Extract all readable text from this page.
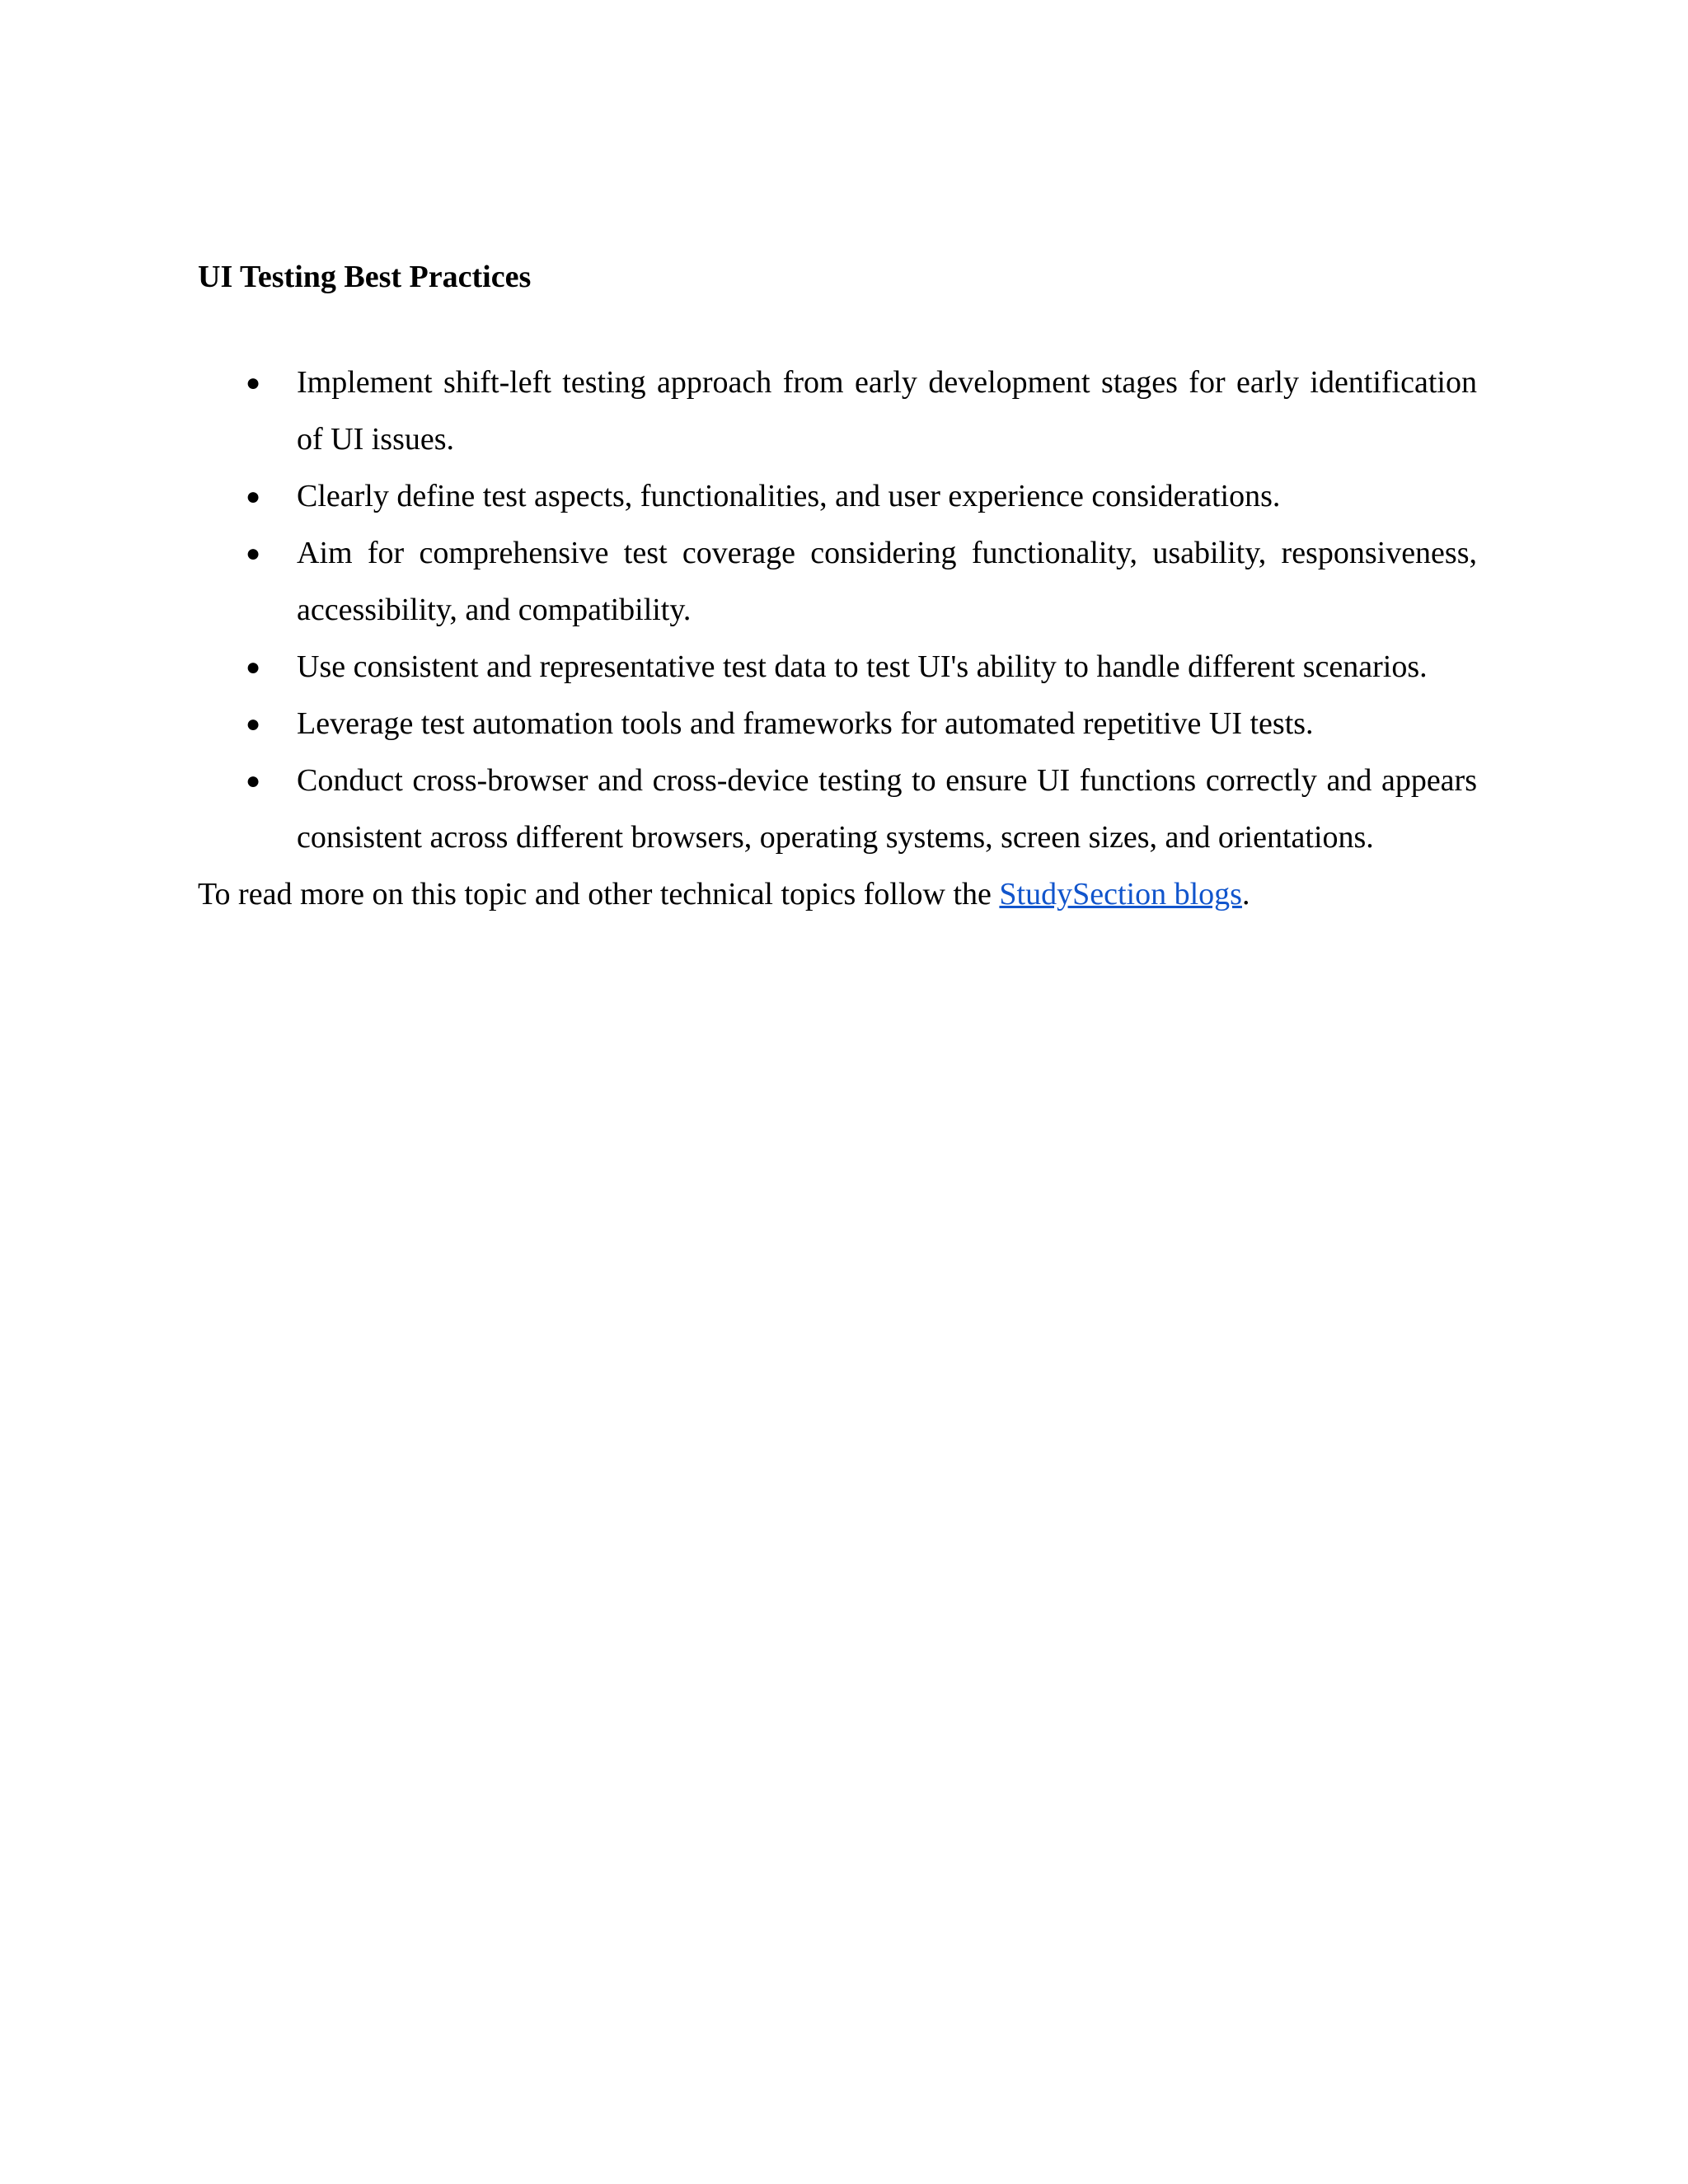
UI Testing Best Practices
● Implement shift-left testing approach from early development stages for early identification of UI issues.
● Clearly define test aspects, functionalities, and user experience considerations.
● Aim for comprehensive test coverage considering functionality, usability, responsiveness, accessibility, and compatibility.
● Use consistent and representative test data to test UI's ability to handle different scenarios.
● Leverage test automation tools and frameworks for automated repetitive UI tests.
● Conduct cross-browser and cross-device testing to ensure UI functions correctly and appears consistent across different browsers, operating systems, screen sizes, and orientations.

To read more on this topic and other technical topics follow the StudySection blogs.
